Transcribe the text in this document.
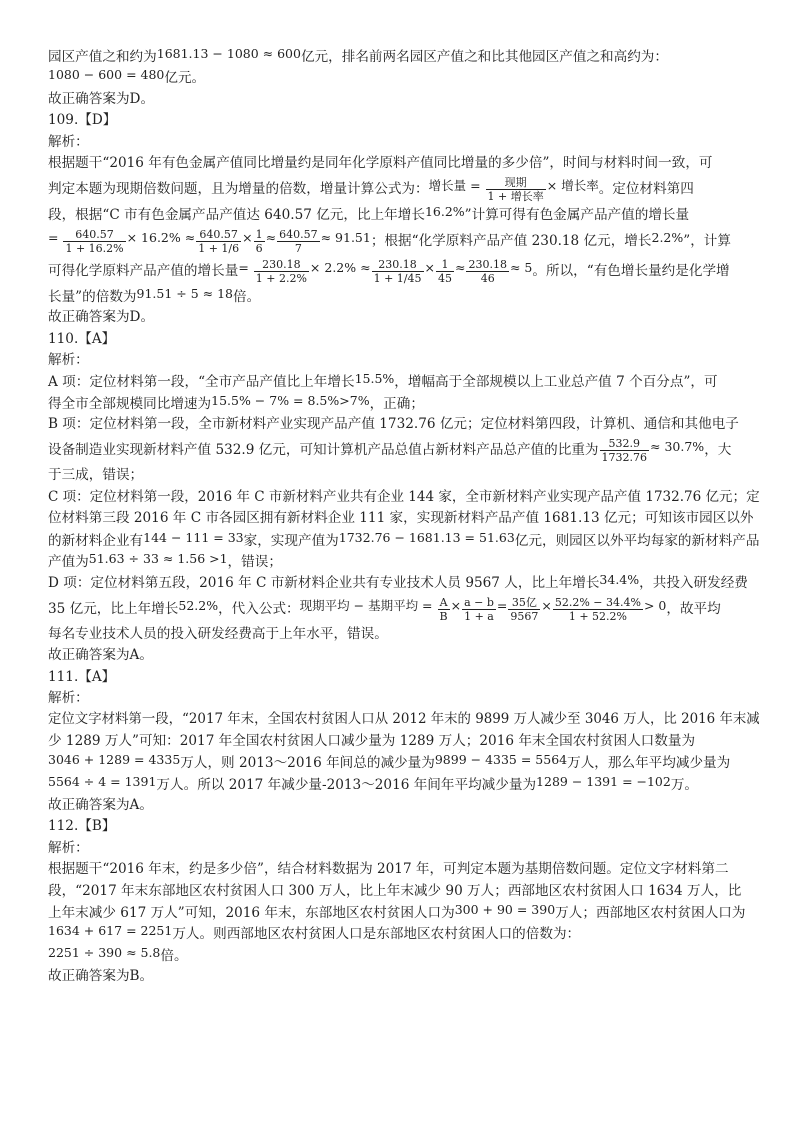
园区产值之和约为1681.13 − 1080 ≈ 600亿元，排名前两名园区产值之和比其他园区产值之和高约为：
1080 − 600 = 480亿元。
故正确答案为D。
109.【D】
解析：
根据题干“2016 年有色金属产值同比增量约是同年化学原料产值同比增量的多少倍”，时间与材料时间一致，可
判定本题为现期倍数问题，且为增量的倍数，增量计算公式为：增长量 = $\frac{\text{现期}}{\text{1 + 增长率}}$ × 增长率。定位材料第四
段，根据“C 市有色金属产品产值达 640.57 亿元，比上年增长16.2%”计算可得有色金属产品产值的增长量
= $\frac{640.57}{1 + 16.2\%} \times 16.2\% \approx \frac{640.57}{1 + 1/6} \times \frac{1}{6} \approx \frac{640.57}{7} \approx 91.51$；根据“化学原料产品产值 230.18 亿元，增长2.2%”，计算
可得化学原料产品产值的增长量= $\frac{230.18}{1 + 2.2\%} \times 2.2\% \approx \frac{230.18}{1 + 1/45} \times \frac{1}{45} \approx \frac{230.18}{46} \approx 5$。所以，“有色增长量约是化学增
长量”的倍数为91.51 ÷ 5 ≈ 18倍。
故正确答案为D。
110.【A】
解析：
A 项：定位材料第一段，“全市产品产值比上年增长15.5%，增幅高于全部规模以上工业总产值 7 个百分点”，可
得全市全部规模同比增速为15.5% − 7% = 8.5%>7%，正确；
B 项：定位材料第一段，全市新材料产业实现产品产值 1732.76 亿元；定位材料第四段，计算机、通信和其他电子
设备制造业实现新材料产值 532.9 亿元，可知计算机产品总值占新材料产品总产值的比重为 $\frac{532.9}{1732.76} \approx 30.7\%$，大
于三成，错误；
C 项：定位材料第一段，2016 年 C 市新材料产业共有企业 144 家，全市新材料产业实现产品产值 1732.76 亿元；定
位材料第三段 2016 年 C 市各园区拥有新材料企业 111 家，实现新材料产品产值 1681.13 亿元；可知该市园区以外
的新材料企业有144 − 111 = 33家，实现产值为1732.76 − 1681.13 = 51.63亿元，则园区以外平均每家的新材料产品
产值为51.63 ÷ 33 ≈ 1.56 >1，错误；
D 项：定位材料第五段，2016 年 C 市新材料企业共有专业技术人员 9567 人，比上年增长34.4%，共投入研发经费
35 亿元，比上年增长52.2%，代入公式：现期平均 − 基期平均 = $\frac{A}{B} \times \frac{a - b}{1 + a} = \frac{\text{35亿}}{9567} \times \frac{52.2\% - 34.4\%}{1 + 52.2\%} > 0$，故平均
每名专业技术人员的投入研发经费高于上年水平，错误。
故正确答案为A。
111.【A】
解析：
定位文字材料第一段，“2017 年末，全国农村贫困人口从 2012 年末的 9899 万人减少至 3046 万人，比 2016 年末减
少 1289 万人”可知：2017 年全国农村贫困人口减少量为 1289 万人；2016 年末全国农村贫困人口数量为
3046 + 1289 = 4335万人，则 2013～2016 年间总的减少量为9899 − 4335 = 5564万人，那么年平均减少量为
5564 ÷ 4 = 1391万人。所以 2017 年减少量-2013～2016 年间年平均减少量为1289 − 1391 = −102万。
故正确答案为A。
112.【B】
解析：
根据题干“2016 年末，约是多少倍”，结合材料数据为 2017 年，可判定本题为基期倍数问题。定位文字材料第二
段，“2017 年末东部地区农村贫困人口 300 万人，比上年末减少 90 万人；西部地区农村贫困人口 1634 万人，比
上年末减少 617 万人”可知，2016 年末，东部地区农村贫困人口为300 + 90 = 390万人；西部地区农村贫困人口为
1634 + 617 = 2251万人。则西部地区农村贫困人口是东部地区农村贫困人口的倍数为：
2251 ÷ 390 ≈ 5.8倍。
故正确答案为B。
